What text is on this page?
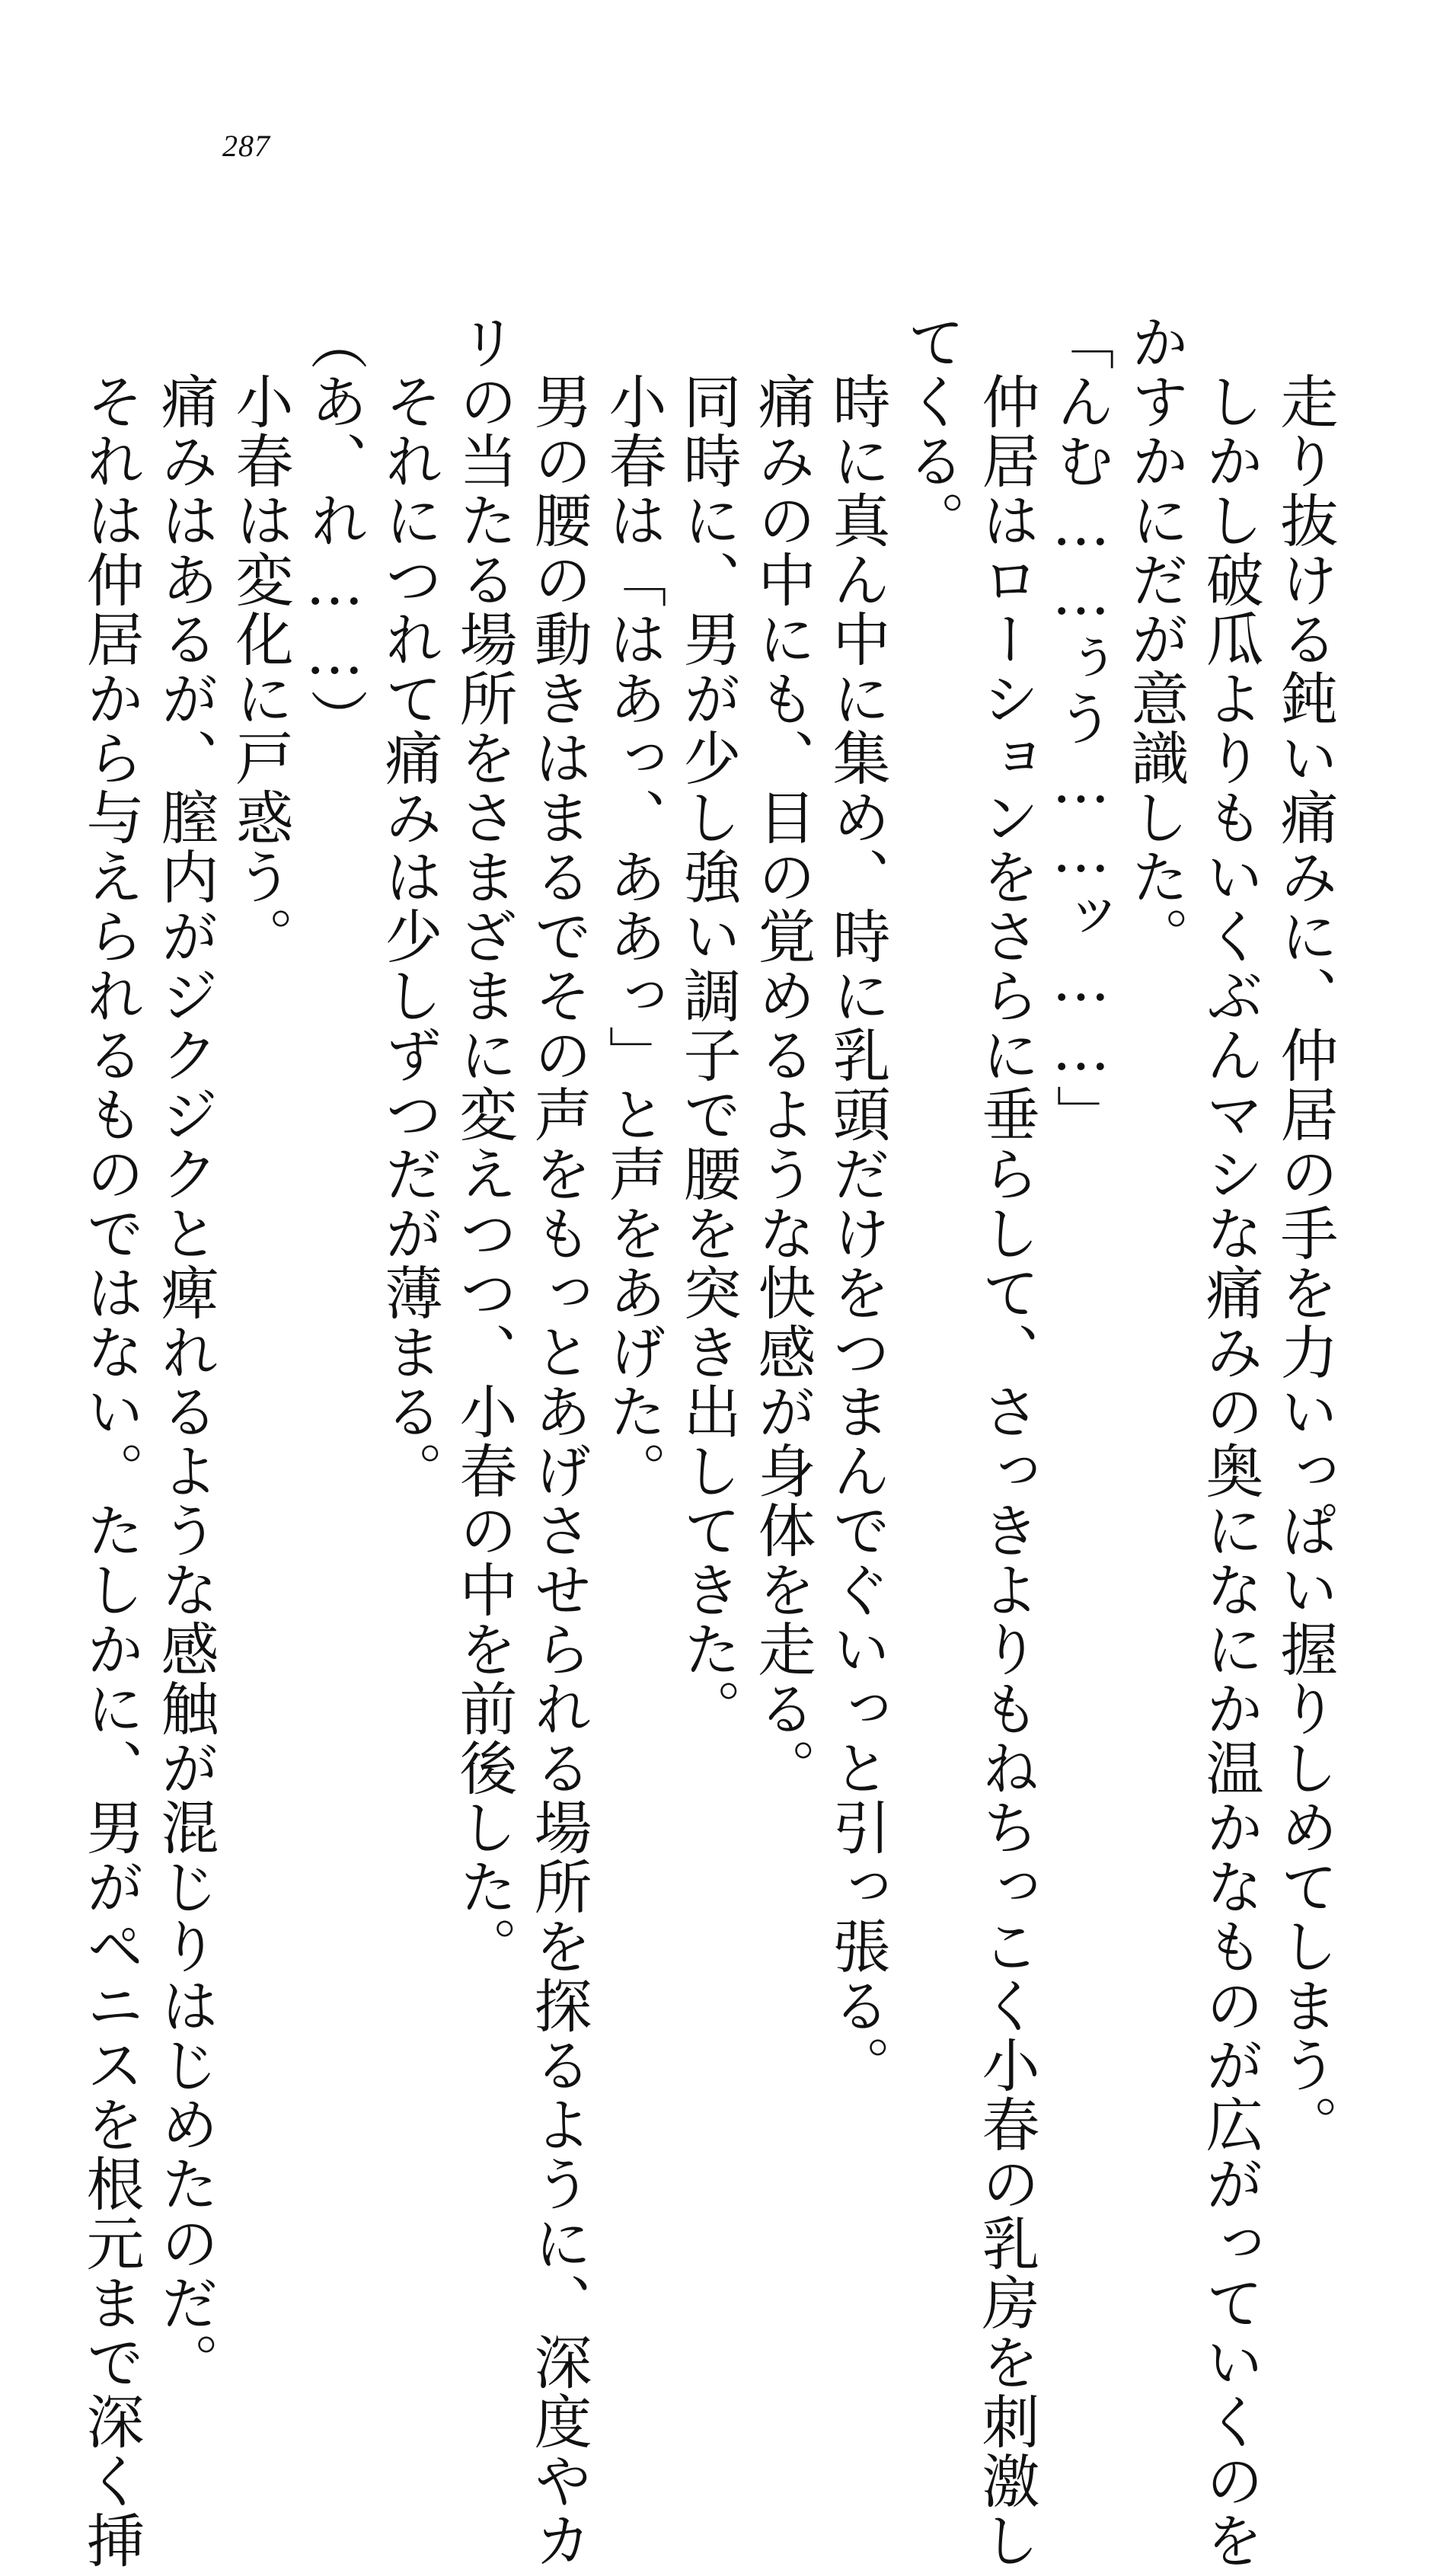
287

　走り抜ける鈍い痛みに、仲居の手を力いっぱい握りしめてしまう。

　しかし破瓜よりもいくぶんマシな痛みの奥になにか温かなものが広がっていくのを

かすかにだが意識した。

「んむ……ぅう……ッ……」

　仲居はローションをさらに垂らして、さっきよりもねちっこく小春の乳房を刺激し

てくる。

　時に真ん中に集め、時に乳頭だけをつまんでぐいっと引っ張る。

　痛みの中にも、目の覚めるような快感が身体を走る。

　同時に、男が少し強い調子で腰を突き出してきた。

　小春は「はあっ、ああっ」と声をあげた。

　男の腰の動きはまるでその声をもっとあげさせられる場所を探るように、深度やカ

リの当たる場所をさまざまに変えつつ、小春の中を前後した。

　それにつれて痛みは少しずつだが薄まる。

（あ、れ……）

　小春は変化に戸惑う。

　痛みはあるが、膣内がジクジクと痺れるような感触が混じりはじめたのだ。

　それは仲居から与えられるものではない。たしかに、男がペニスを根元まで深く挿
